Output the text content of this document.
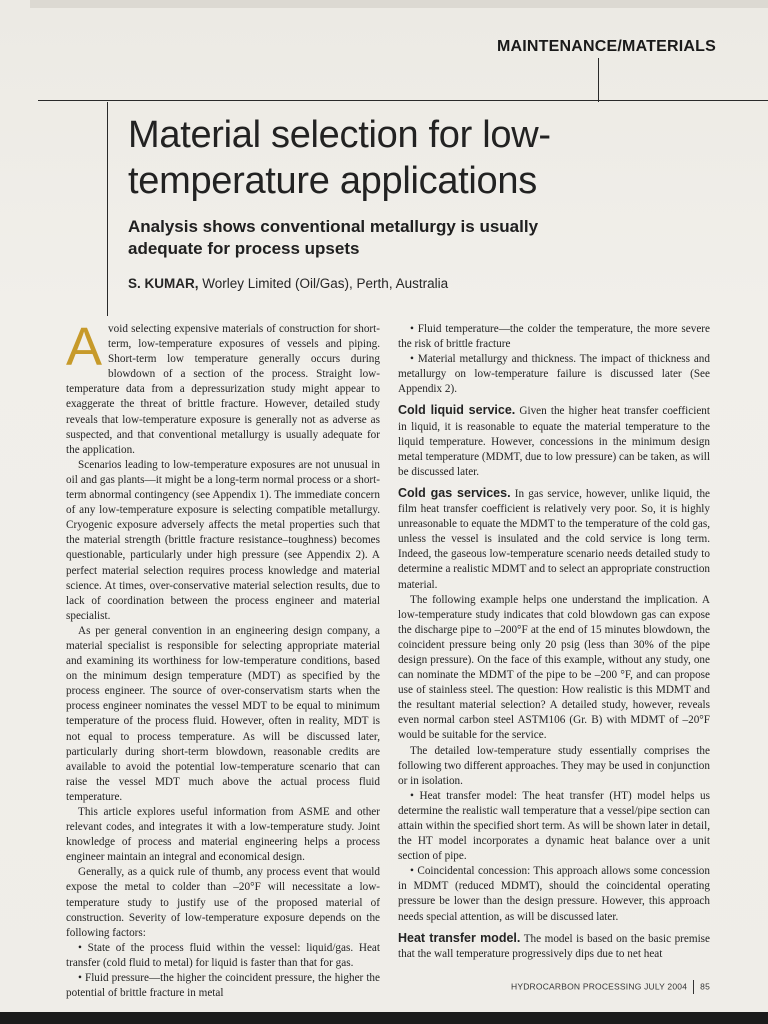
MAINTENANCE/MATERIALS
Material selection for low-temperature applications
Analysis shows conventional metallurgy is usually adequate for process upsets
S. KUMAR, Worley Limited (Oil/Gas), Perth, Australia

Avoid selecting expensive materials of construction for short-term, low-temperature exposures of vessels and piping. Short-term low temperature generally occurs during blowdown of a section of the process. Straight low-temperature data from a depressurization study might appear to exaggerate the threat of brittle fracture. However, detailed study reveals that low-temperature exposure is generally not as adverse as suspected, and that conventional metallurgy is usually adequate for the application.

Scenarios leading to low-temperature exposures are not unusual in oil and gas plants—it might be a long-term normal process or a short-term abnormal contingency (see Appendix 1). The immediate concern of any low-temperature exposure is selecting compatible metallurgy. Cryogenic exposure adversely affects the metal properties such that the material strength (brittle fracture resistance–toughness) becomes questionable, particularly under high pressure (see Appendix 2). A perfect material selection requires process knowledge and material science. At times, over-conservative material selection results, due to lack of coordination between the process engineer and material specialist.

As per general convention in an engineering design company, a material specialist is responsible for selecting appropriate material and examining its worthiness for low-temperature conditions, based on the minimum design temperature (MDT) as specified by the process engineer. The source of over-conservatism starts when the process engineer nominates the vessel MDT to be equal to minimum temperature of the process fluid. However, often in reality, MDT is not equal to process temperature. As will be discussed later, particularly during short-term blowdown, reasonable credits are available to avoid the potential low-temperature scenario that can raise the vessel MDT much above the actual process fluid temperature.

This article explores useful information from ASME and other relevant codes, and integrates it with a low-temperature study. Joint knowledge of process and material engineering helps a process engineer maintain an integral and economical design.

Generally, as a quick rule of thumb, any process event that would expose the metal to colder than –20°F will necessitate a low-temperature study to justify use of the proposed material of construction. Severity of low-temperature exposure depends on the following factors:

• State of the process fluid within the vessel: liquid/gas. Heat transfer (cold fluid to metal) for liquid is faster than that for gas.

• Fluid pressure—the higher the coincident pressure, the higher the potential of brittle fracture in metal

• Fluid temperature—the colder the temperature, the more severe the risk of brittle fracture

• Material metallurgy and thickness. The impact of thickness and metallurgy on low-temperature failure is discussed later (See Appendix 2).

Cold liquid service. Given the higher heat transfer coefficient in liquid, it is reasonable to equate the material temperature to the liquid temperature. However, concessions in the minimum design metal temperature (MDMT, due to low pressure) can be taken, as will be discussed later.

Cold gas services. In gas service, however, unlike liquid, the film heat transfer coefficient is relatively very poor. So, it is highly unreasonable to equate the MDMT to the temperature of the cold gas, unless the vessel is insulated and the cold service is long term. Indeed, the gaseous low-temperature scenario needs detailed study to determine a realistic MDMT and to select an appropriate construction material.

The following example helps one understand the implication. A low-temperature study indicates that cold blowdown gas can expose the discharge pipe to –200°F at the end of 15 minutes blowdown, the coincident pressure being only 20 psig (less than 30% of the pipe design pressure). On the face of this example, without any study, one can nominate the MDMT of the pipe to be –200 °F, and can propose use of stainless steel. The question: How realistic is this MDMT and the resultant material selection? A detailed study, however, reveals even normal carbon steel ASTM106 (Gr. B) with MDMT of –20°F would be suitable for the service.

The detailed low-temperature study essentially comprises the following two different approaches. They may be used in conjunction or in isolation.

• Heat transfer model: The heat transfer (HT) model helps us determine the realistic wall temperature that a vessel/pipe section can attain within the specified short term. As will be shown later in detail, the HT model incorporates a dynamic heat balance over a unit section of pipe.

• Coincidental concession: This approach allows some concession in MDMT (reduced MDMT), should the coincidental operating pressure be lower than the design pressure. However, this approach needs special attention, as will be discussed later.

Heat transfer model. The model is based on the basic premise that the wall temperature progressively dips due to net heat

HYDROCARBON PROCESSING JULY 2004 85
